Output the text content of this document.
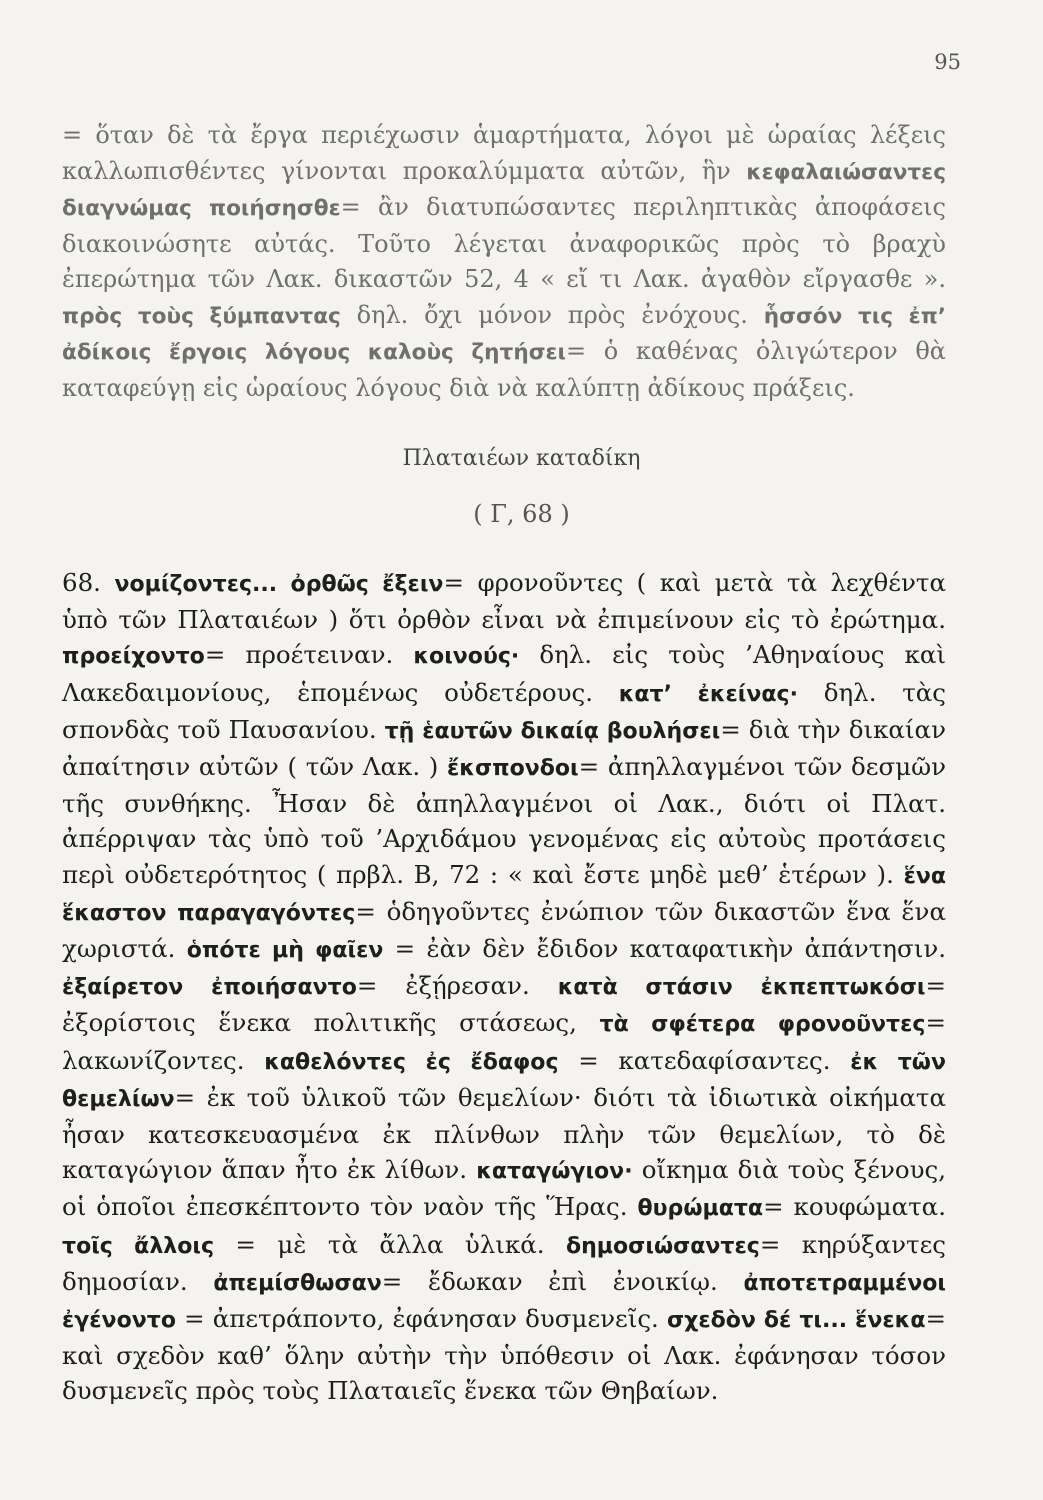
95

= ὅταν δὲ τὰ ἔργα περιέχωσιν ἁμαρτήματα, λόγοι μὲ ὡραίας λέξεις καλλωπισθέντες γίνονται προκαλύμματα αὐτῶν, ἣν κεφαλαιώσαντες διαγνώμας ποιήσησθε= ἂν διατυπώσαντες περιληπτικὰς ἀποφάσεις διακοινώσητε αὐτάς. Τοῦτο λέγεται ἀναφορικῶς πρὸς τὸ βραχὺ ἐπερώτημα τῶν Λακ. δικαστῶν 52, 4 « εἴ τι Λακ. ἀγαθὸν εἴργασθε ». πρὸς τοὺς ξύμπαντας δηλ. ὄχι μόνον πρὸς ἐνόχους. ἧσσόν τις ἐπ’ ἀδίκοις ἔργοις λόγους καλοὺς ζητήσει= ὁ καθένας ὀλιγώτερον θὰ καταφεύγῃ εἰς ὡραίους λόγους διὰ νὰ καλύπτῃ ἀδίκους πράξεις.

Πλαταιέων καταδίκη
( Γ, 68 )

68. νομίζοντες... ὀρθῶς ἔξειν= φρονοῦντες ( καὶ μετὰ τὰ λεχθέντα ὑπὸ τῶν Πλαταιέων ) ὅτι ὀρθὸν εἶναι νὰ ἐπιμείνουν εἰς τὸ ἐρώτημα. προείχοντο= προέτειναν. κοινούς· δηλ. εἰς τοὺς ’Αθηναίους καὶ Λακεδαιμονίους, ἑπομένως οὐδετέρους. κατ’ ἐκείνας· δηλ. τὰς σπονδὰς τοῦ Παυσανίου. τῇ ἑαυτῶν δικαίᾳ βουλήσει= διὰ τὴν δικαίαν ἀπαίτησιν αὐτῶν ( τῶν Λακ. ) ἔκσπονδοι= ἀπηλλαγμένοι τῶν δεσμῶν τῆς συνθήκης. Ἦσαν δὲ ἀπηλλαγμένοι οἱ Λακ., διότι οἱ Πλατ. ἀπέρριψαν τὰς ὑπὸ τοῦ ’Αρχιδάμου γενομένας εἰς αὐτοὺς προτάσεις περὶ οὐδετερότητος ( πρβλ. Β, 72 : « καὶ ἔστε μηδὲ μεθ’ ἑτέρων ). ἕνα ἕκαστον παραγαγόντες= ὁδηγοῦντες ἐνώπιον τῶν δικαστῶν ἕνα ἕνα χωριστά. ὁπότε μὴ φαῖεν = ἐὰν δὲν ἔδιδον καταφατικὴν ἀπάντησιν. ἐξαίρετον ἐποιήσαντο= ἐξῄρεσαν. κατὰ στάσιν ἐκπεπτωκόσι= ἐξορίστοις ἕνεκα πολιτικῆς στάσεως, τὰ σφέτερα φρονοῦντες= λακωνίζοντες. καθελόντες ἐς ἔδαφος = κατεδαφίσαντες. ἐκ τῶν θεμελίων= ἐκ τοῦ ὑλικοῦ τῶν θεμελίων· διότι τὰ ἰδιωτικὰ οἰκήματα ἦσαν κατεσκευασμένα ἐκ πλίνθων πλὴν τῶν θεμελίων, τὸ δὲ καταγώγιον ἅπαν ἦτο ἐκ λίθων. καταγώγιον· οἴκημα διὰ τοὺς ξένους, οἱ ὁποῖοι ἐπεσκέπτοντο τὸν ναὸν τῆς Ἥρας. θυρώματα= κουφώματα. τοῖς ἄλλοις = μὲ τὰ ἄλλα ὑλικά. δημοσιώσαντες= κηρύξαντες δημοσίαν. ἀπεμίσθωσαν= ἔδωκαν ἐπὶ ἐνοικίῳ. ἀποτετραμμένοι ἐγένοντο = ἀπετράποντο, ἐφάνησαν δυσμενεῖς. σχεδὸν δέ τι... ἕνεκα= καὶ σχεδὸν καθ’ ὅλην αὐτὴν τὴν ὑπόθεσιν οἱ Λακ. ἐφάνησαν τόσον δυσμενεῖς πρὸς τοὺς Πλαταιεῖς ἕνεκα τῶν Θηβαίων.
